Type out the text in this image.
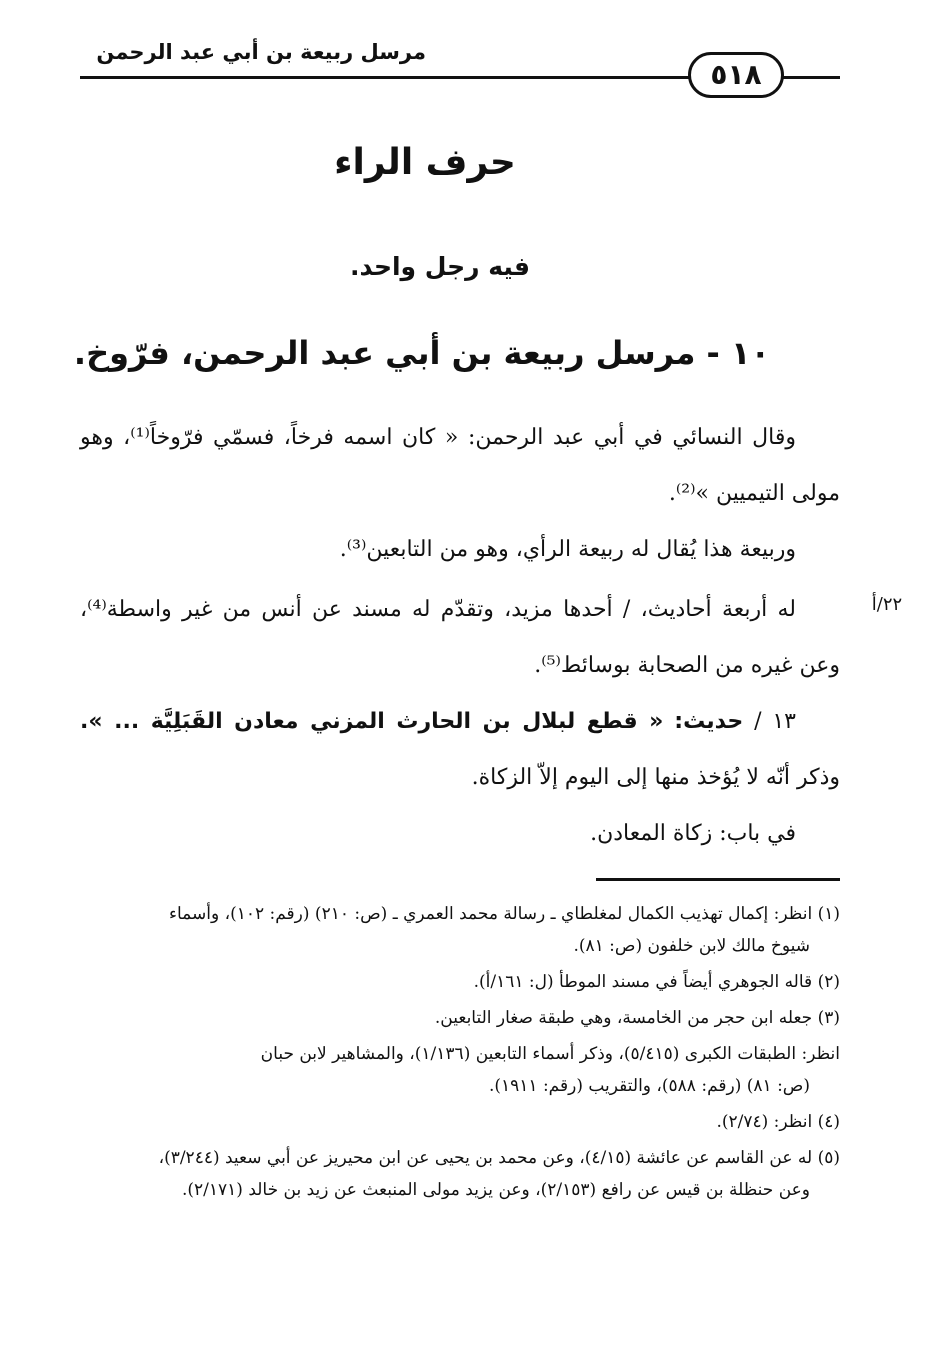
مرسل ربيعة بن أبي عبد الرحمن
٥١٨
حرف الراء
فيه رجل واحد.
١٠ - مرسل ربيعة بن أبي عبد الرحمن، فرّوخ.
وقال النسائي في أبي عبد الرحمن: « كان اسمه فرخاً، فسمّي فرّوخاً⁽¹⁾، وهو مولى التيميين »⁽²⁾.
وربيعة هذا يُقال له ربيعة الرأي، وهو من التابعين⁽³⁾.
له أربعة أحاديث، / أحدها مزيد، وتقدّم له مسند عن أنس من غير واسطة⁽⁴⁾، وعن غيره من الصحابة بوسائط⁽⁵⁾.
٢٢/أ
١٣ / حديث: « قطع لبلال بن الحارث المزني معادن القَبَلِيَّة ... ». وذكر أنّه لا يُؤخذ منها إلى اليوم إلاّ الزكاة.
في باب: زكاة المعادن.

(١) انظر: إكمال تهذيب الكمال لمغلطاي ـ رسالة محمد العمري ـ (ص: ٢١٠) (رقم: ١٠٢)، وأسماء
شيوخ مالك لابن خلفون (ص: ٨١).

(٢) قاله الجوهري أيضاً في مسند الموطأ (ل: ١٦١/أ).

(٣) جعله ابن حجر من الخامسة، وهي طبقة صغار التابعين.

انظر: الطبقات الكبرى (٥/٤١٥)، وذكر أسماء التابعين (١/١٣٦)، والمشاهير لابن حبان
(ص: ٨١) (رقم: ٥٨٨)، والتقريب (رقم: ١٩١١).

(٤) انظر: (٢/٧٤).

(٥) له عن القاسم عن عائشة (٤/١٥)، وعن محمد بن يحيى عن ابن محيريز عن أبي سعيد (٣/٢٤٤)،
وعن حنظلة بن قيس عن رافع (٢/١٥٣)، وعن يزيد مولى المنبعث عن زيد بن خالد (٢/١٧١).
